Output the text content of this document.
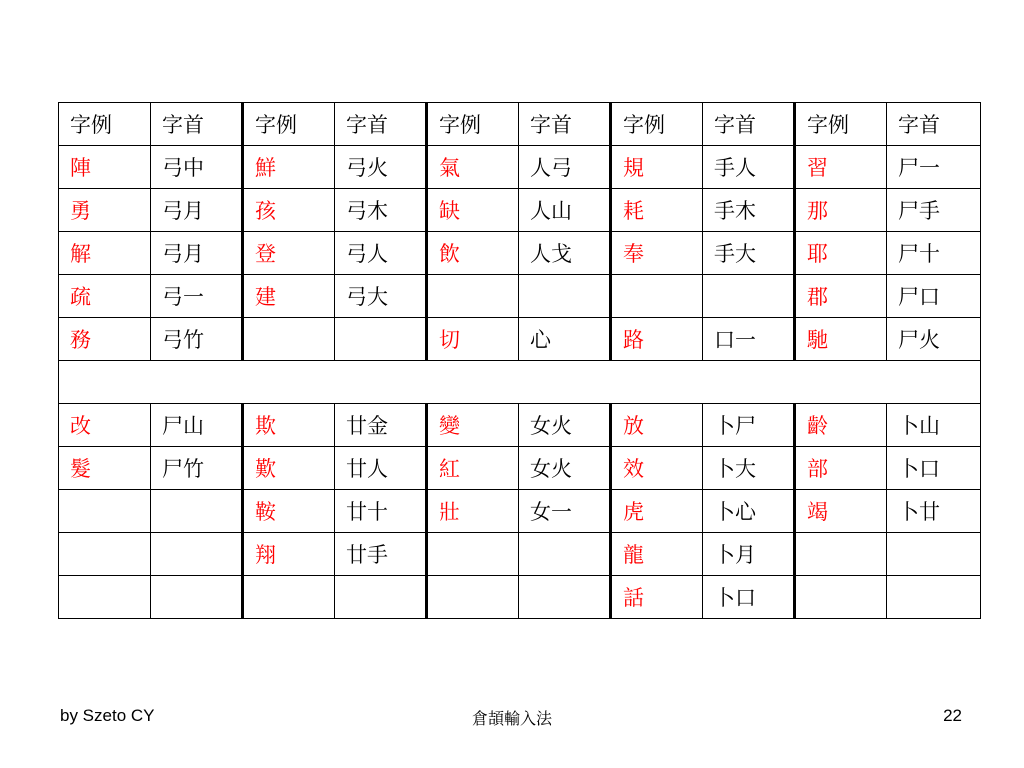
字例	字首	字例	字首	字例	字首	字例	字首	字例	字首
陣	弓中	鮮	弓火	氣	人弓	規	手人	習	尸一
勇	弓月	孩	弓木	缺	人山	耗	手木	那	尸手
解	弓月	登	弓人	飲	人戈	奉	手大	耶	尸十
疏	弓一	建	弓大					郡	尸口
務	弓竹			切	心	路	口一	馳	尸火

改	尸山	欺	廿金	變	女火	放	卜尸	齡	卜山
髮	尸竹	歎	廿人	紅	女火	效	卜大	部	卜口
		鞍	廿十	壯	女一	虎	卜心	竭	卜廿
		翔	廿手			龍	卜月		
						話	卜口		
by Szeto CY	倉頡輸入法	22
